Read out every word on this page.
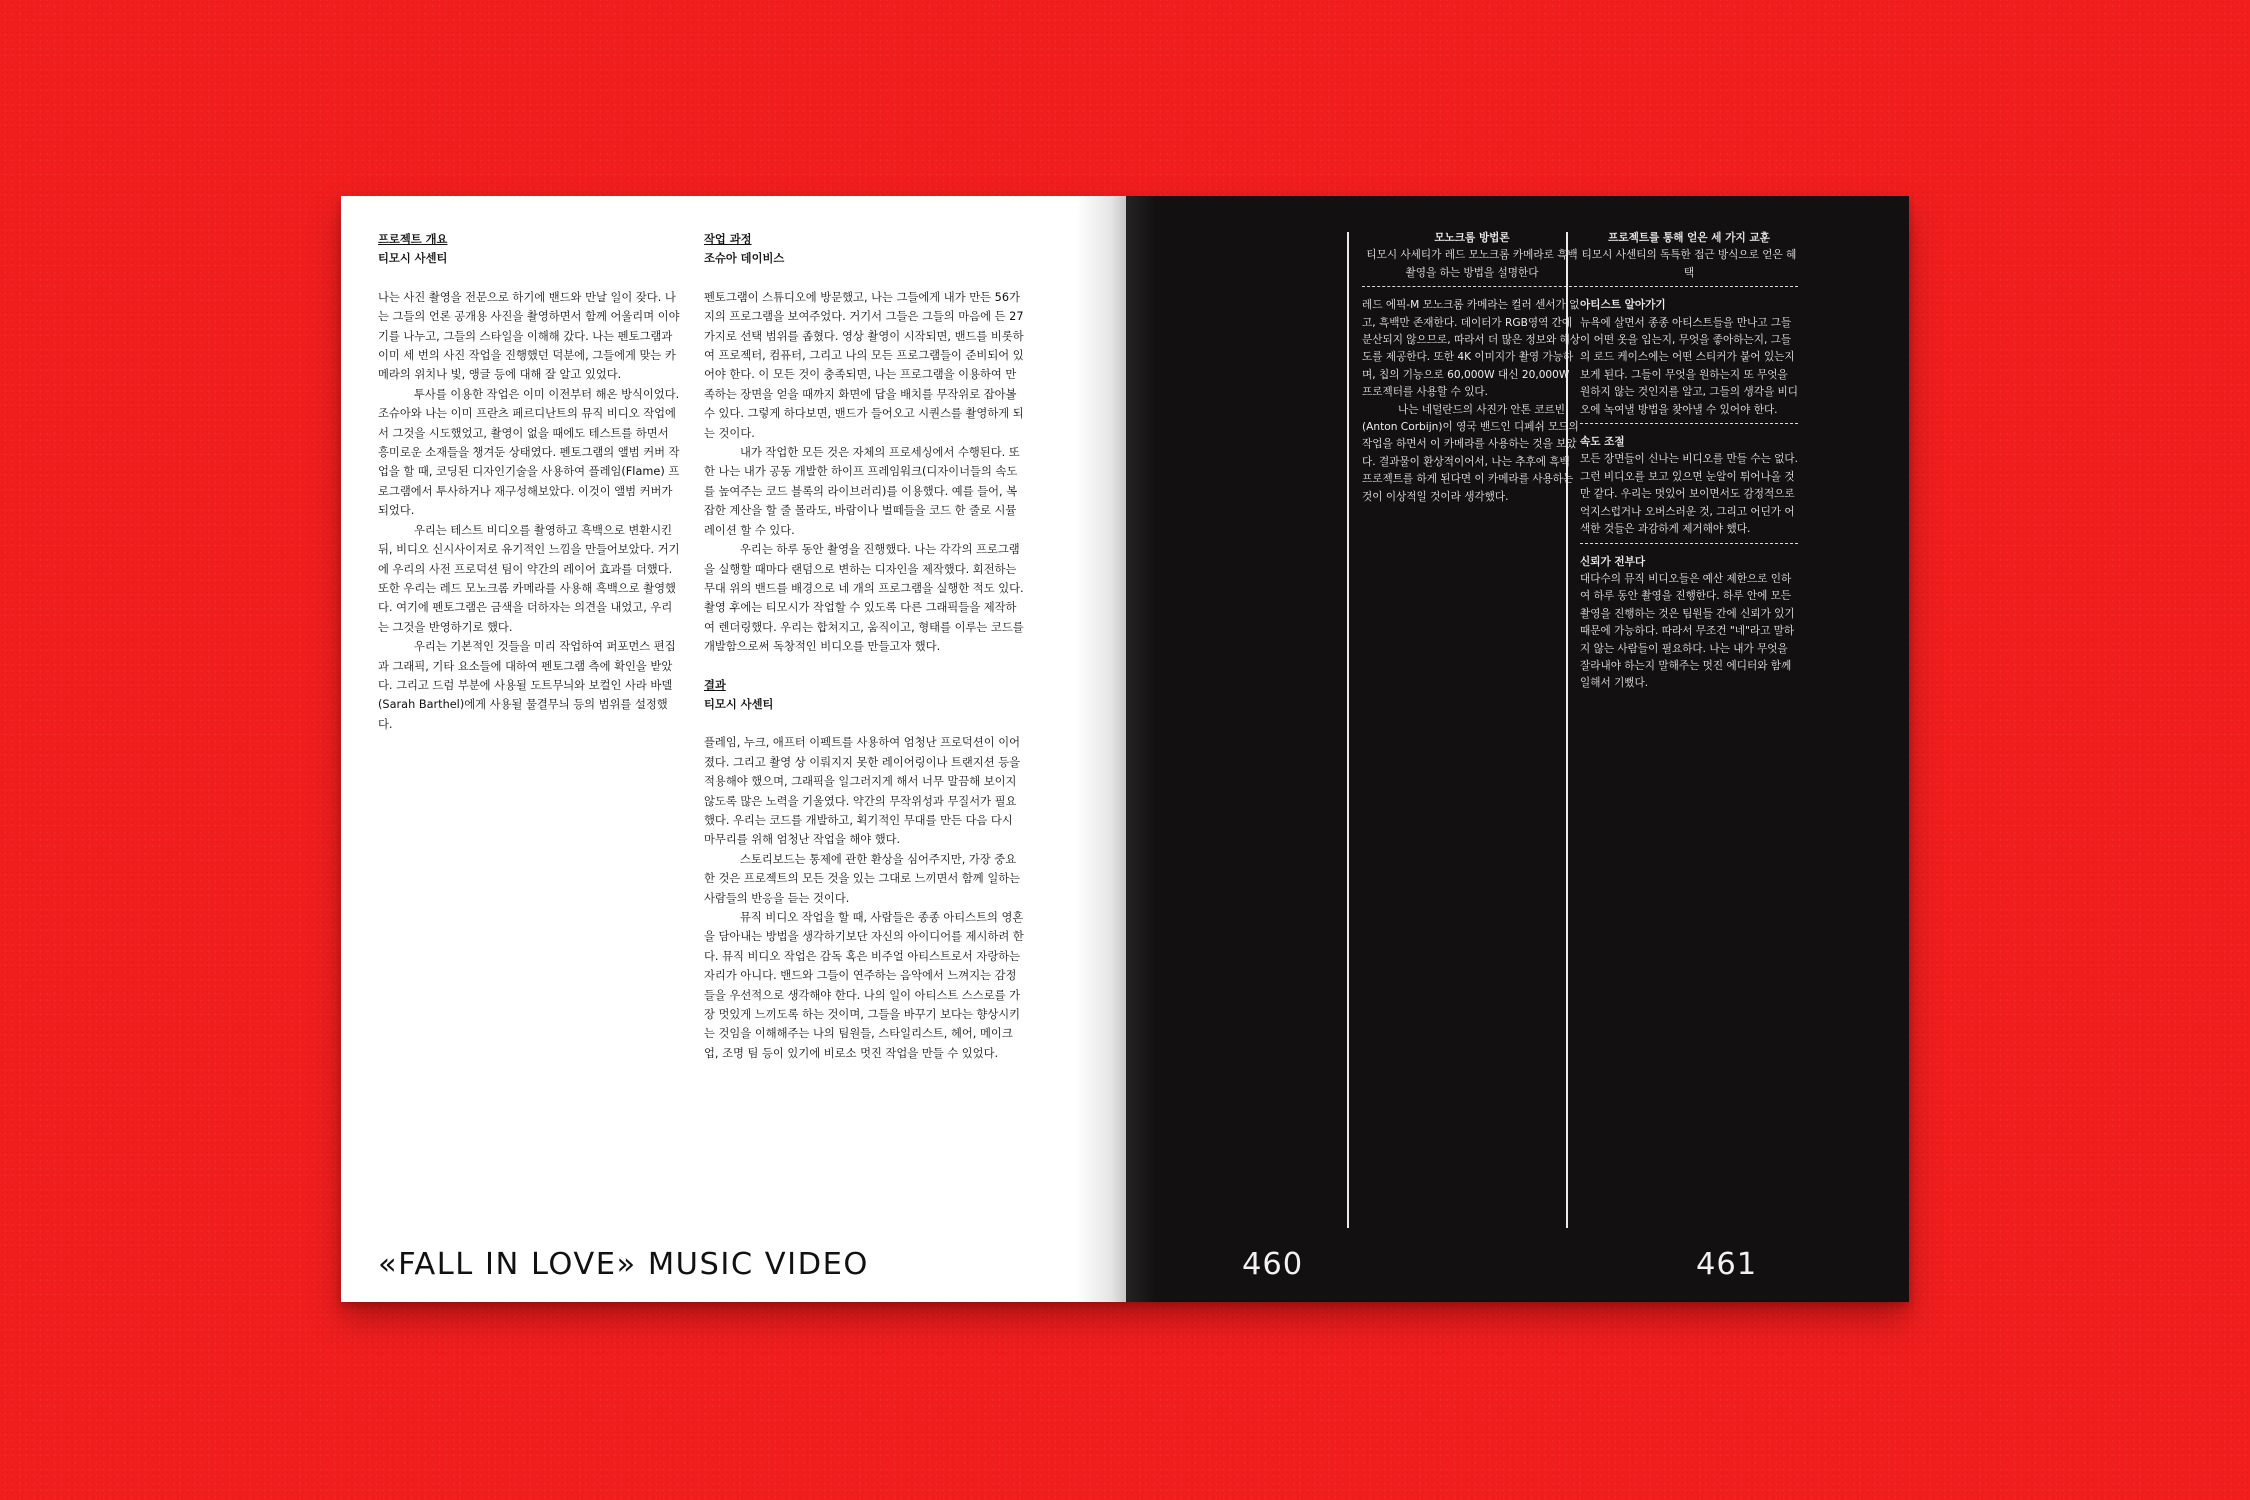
프로젝트 개요

티모시 사센티

나는 사진 촬영을 전문으로 하기에 밴드와 만날 일이 잦다. 나는 그들의 언론 공개용 사진을 촬영하면서 함께 어울리며 이야기를 나누고, 그들의 스타일을 이해해 갔다. 나는 펜토그램과 이미 세 번의 사진 작업을 진행했던 덕분에, 그들에게 맞는 카메라의 위치나 빛, 앵글 등에 대해 잘 알고 있었다.

투사를 이용한 작업은 이미 이전부터 해온 방식이었다. 조슈아와 나는 이미 프란츠 페르디난트의 뮤직 비디오 작업에서 그것을 시도했었고, 촬영이 없을 때에도 테스트를 하면서 흥미로운 소재들을 챙겨둔 상태였다. 펜토그램의 앨범 커버 작업을 할 때, 코딩된 디자인기술을 사용하여 플레임(Flame) 프로그램에서 투사하거나 재구성해보았다. 이것이 앨범 커버가 되었다.

우리는 테스트 비디오를 촬영하고 흑백으로 변환시킨 뒤, 비디오 신시사이저로 유기적인 느낌을 만들어보았다. 거기에 우리의 사전 프로덕션 팀이 약간의 레이어 효과를 더했다. 또한 우리는 레드 모노크롬 카메라를 사용해 흑백으로 촬영했다. 여기에 펜토그램은 금색을 더하자는 의견을 내었고, 우리는 그것을 반영하기로 했다.

우리는 기본적인 것들을 미리 작업하여 퍼포먼스 편집과 그래픽, 기타 요소들에 대하여 펜토그램 측에 확인을 받았다. 그리고 드럼 부분에 사용될 도트무늬와 보컬인 사라 바델(Sarah Barthel)에게 사용될 물결무늬 등의 범위를 설정했다.

작업 과정

조슈아 데이비스

펜토그램이 스튜디오에 방문했고, 나는 그들에게 내가 만든 56가지의 프로그램을 보여주었다. 거기서 그들은 그들의 마음에 든 27가지로 선택 범위를 좁혔다. 영상 촬영이 시작되면, 밴드를 비롯하여 프로젝터, 컴퓨터, 그리고 나의 모든 프로그램들이 준비되어 있어야 한다. 이 모든 것이 충족되면, 나는 프로그램을 이용하여 만족하는 장면을 얻을 때까지 화면에 답을 배치를 무작위로 잡아볼 수 있다. 그렇게 하다보면, 밴드가 들어오고 시퀀스를 촬영하게 되는 것이다.

내가 작업한 모든 것은 자체의 프로세싱에서 수행된다. 또한 나는 내가 공동 개발한 하이프 프레임워크(디자이너들의 속도를 높여주는 코드 블록의 라이브러리)를 이용했다. 예를 들어, 복잡한 계산을 할 줄 몰라도, 바람이나 벌떼들을 코드 한 줄로 시뮬레이션 할 수 있다.

우리는 하루 동안 촬영을 진행했다. 나는 각각의 프로그램을 실행할 때마다 랜덤으로 변하는 디자인을 제작했다. 회전하는 무대 위의 밴드를 배경으로 네 개의 프로그램을 실행한 적도 있다. 촬영 후에는 티모시가 작업할 수 있도록 다른 그래픽들을 제작하여 렌더링했다. 우리는 합쳐지고, 움직이고, 형태를 이루는 코드를 개발함으로써 독창적인 비디오를 만들고자 했다.

결과

티모시 사센티

플레임, 누크, 애프터 이펙트를 사용하여 엄청난 프로덕션이 이어졌다. 그리고 촬영 상 이뤄지지 못한 레이어링이나 트랜지션 등을 적용해야 했으며, 그래픽을 일그러지게 해서 너무 말끔해 보이지 않도록 많은 노력을 기울였다. 약간의 무작위성과 무질서가 필요했다. 우리는 코드를 개발하고, 획기적인 무대를 만든 다음 다시 마무리를 위해 엄청난 작업을 해야 했다.

스토리보드는 통제에 관한 환상을 심어주지만, 가장 중요한 것은 프로젝트의 모든 것을 있는 그대로 느끼면서 함께 일하는 사람들의 반응을 듣는 것이다.

뮤직 비디오 작업을 할 때, 사람들은 종종 아티스트의 영혼을 담아내는 방법을 생각하기보단 자신의 아이디어를 제시하려 한다. 뮤직 비디오 작업은 감독 혹은 비주얼 아티스트로서 자랑하는 자리가 아니다. 밴드와 그들이 연주하는 음악에서 느껴지는 감정들을 우선적으로 생각해야 한다. 나의 일이 아티스트 스스로를 가장 멋있게 느끼도록 하는 것이며, 그들을 바꾸기 보다는 향상시키는 것임을 이해해주는 나의 팀원들, 스타일리스트, 헤어, 메이크업, 조명 팀 등이 있기에 비로소 멋진 작업을 만들 수 있었다.

«FALL IN LOVE» MUSIC VIDEO	460
모노크롬 방법론
티모시 사세티가 레드 모노크롬 카메라로 흑백 촬영을 하는 방법을 설명한다

레드 에픽-M 모노크롬 카메라는 컬러 센서가 없고, 흑백만 존재한다. 데이터가 RGB영역 간에 분산되지 않으므로, 따라서 더 많은 정보와 해상도를 제공한다. 또한 4K 이미지가 촬영 가능하며, 칩의 기능으로 60,000W 대신 20,000W 프로젝터를 사용할 수 있다.

나는 네덜란드의 사진가 안톤 코르빈(Anton Corbijn)이 영국 밴드인 디페쉬 모드의 작업을 하면서 이 카메라를 사용하는 것을 보았다. 결과물이 환상적이어서, 나는 추후에 흑백 프로젝트를 하게 된다면 이 카메라를 사용하는 것이 이상적일 것이라 생각했다.

프로젝트를 통해 얻은 세 가지 교훈
티모시 사센티의 독특한 접근 방식으로 얻은 혜택

아티스트 알아가기

뉴욕에 살면서 종종 아티스트들을 만나고 그들이 어떤 옷을 입는지, 무엇을 좋아하는지, 그들의 로드 케이스에는 어떤 스티커가 붙어 있는지 보게 된다. 그들이 무엇을 원하는지 또 무엇을 원하지 않는 것인지를 알고, 그들의 생각을 비디오에 녹여낼 방법을 찾아낼 수 있어야 한다.

속도 조절

모든 장면들이 신나는 비디오를 만들 수는 없다. 그런 비디오를 보고 있으면 눈알이 튀어나올 것만 같다. 우리는 멋있어 보이면서도 감정적으로 억지스럽거나 오버스러운 것, 그리고 어딘가 어색한 것들은 과감하게 제거해야 했다.

신뢰가 전부다

대다수의 뮤직 비디오들은 예산 제한으로 인하여 하루 동안 촬영을 진행한다. 하루 안에 모든 촬영을 진행하는 것은 팀원들 간에 신뢰가 있기 때문에 가능하다. 따라서 무조건 "네"라고 말하지 않는 사람들이 필요하다. 나는 내가 무엇을 잘라내야 하는지 말해주는 멋진 에디터와 함께 일해서 기뻤다.

461
